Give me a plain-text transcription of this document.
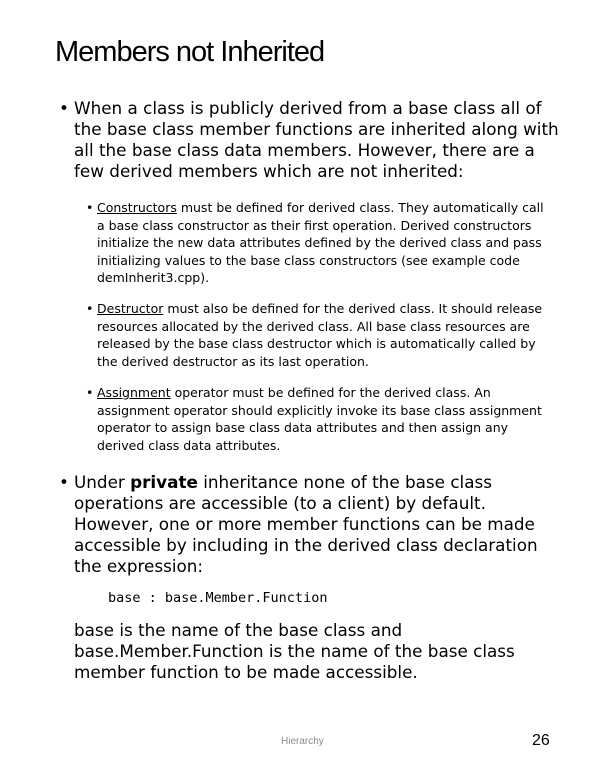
Members not Inherited
• When a class is publicly derived from a base class all of the base class member functions are inherited along with all the base class data members. However, there are a few derived members which are not inherited:
• Constructors must be defined for derived class. They automatically call a base class constructor as their first operation. Derived constructors initialize the new data attributes defined by the derived class and pass initializing values to the base class constructors (see example code demInherit3.cpp).
• Destructor must also be defined for the derived class. It should release resources allocated by the derived class. All base class resources are released by the base class destructor which is automatically called by the derived destructor as its last operation.
• Assignment operator must be defined for the derived class. An assignment operator should explicitly invoke its base class assignment operator to assign base class data attributes and then assign any derived class data attributes.
• Under private inheritance none of the base class operations are accessible (to a client) by default. However, one or more member functions can be made accessible by including in the derived class declaration the expression:
base : base.Member.Function
base is the name of the base class and base.Member.Function is the name of the base class member function to be made accessible.
Hierarchy	26
